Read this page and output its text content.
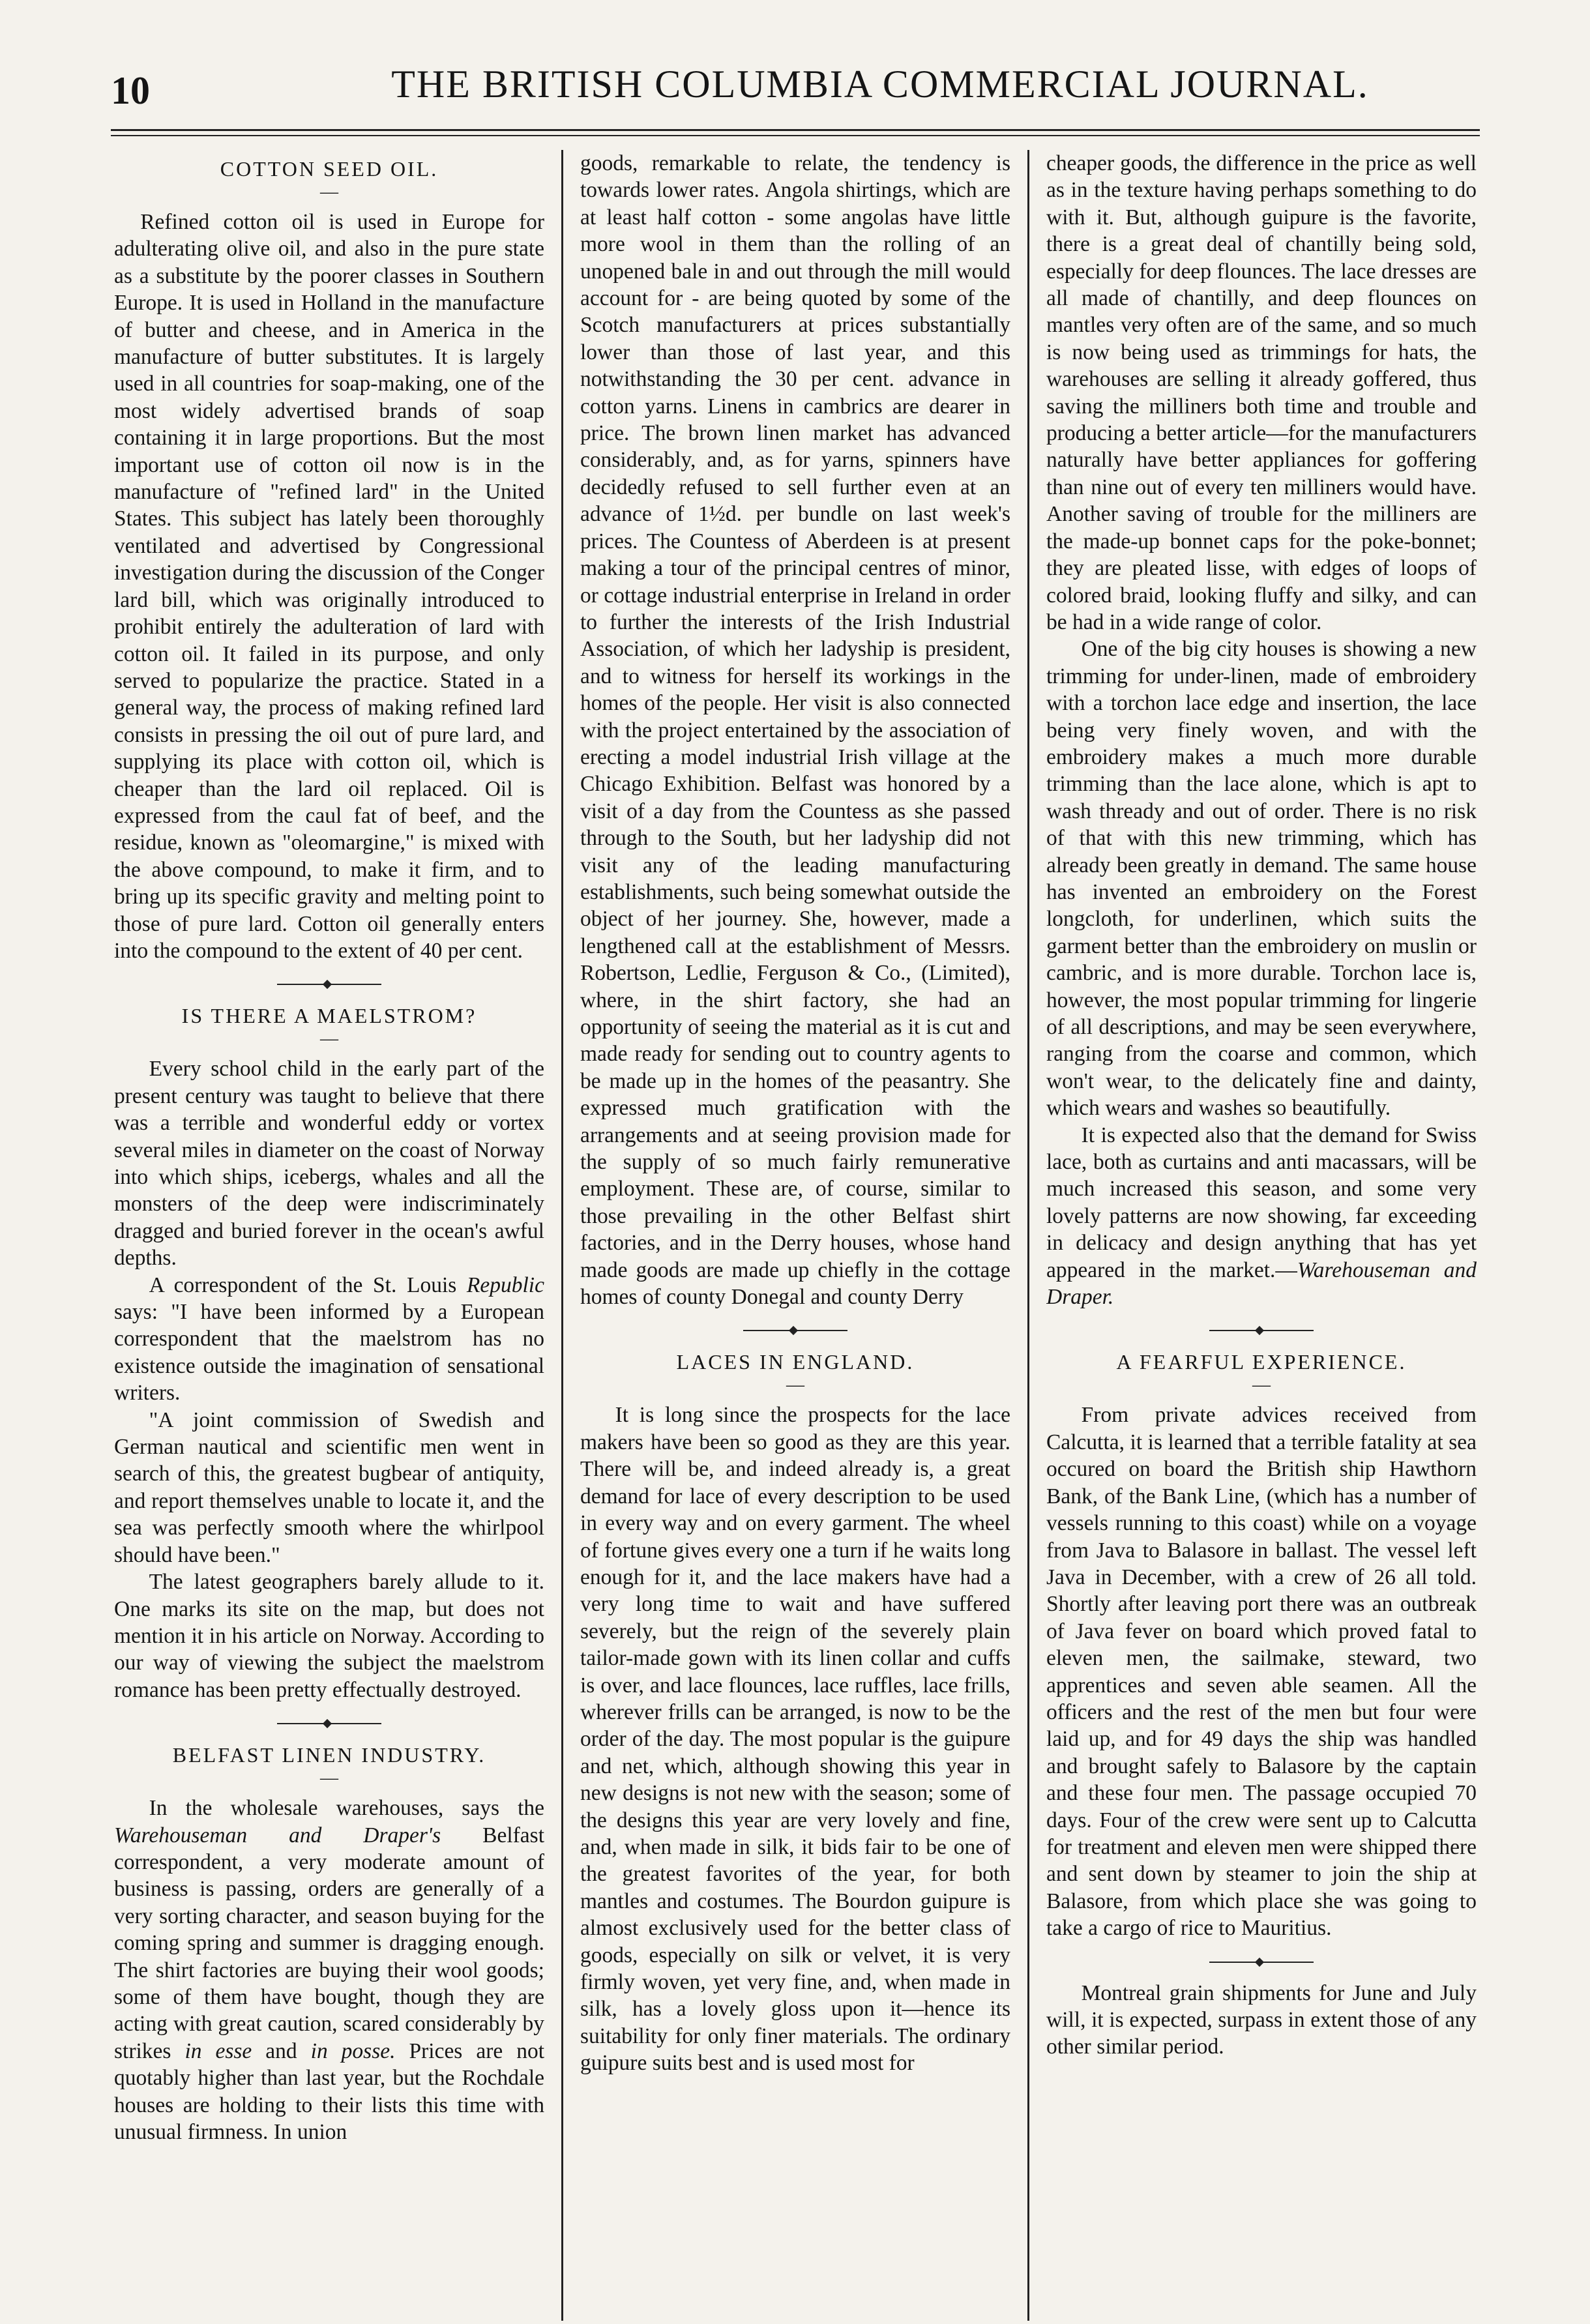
10	THE BRITISH COLUMBIA COMMERCIAL JOURNAL.
COTTON SEED OIL.
—

Refined cotton oil is used in Europe for adulterating olive oil, and also in the pure state as a substitute by the poorer classes in Southern Europe. It is used in Holland in the manufacture of butter and cheese, and in America in the manufacture of butter substitutes. It is largely used in all countries for soap-making, one of the most widely advertised brands of soap containing it in large proportions. But the most important use of cotton oil now is in the manufacture of "refined lard" in the United States. This subject has lately been thoroughly ventilated and advertised by Congressional investigation during the discussion of the Conger lard bill, which was originally introduced to prohibit entirely the adulteration of lard with cotton oil. It failed in its purpose, and only served to popularize the practice. Stated in a general way, the process of making refined lard consists in pressing the oil out of pure lard, and supplying its place with cotton oil, which is cheaper than the lard oil replaced. Oil is expressed from the caul fat of beef, and the residue, known as "oleomargine," is mixed with the above compound, to make it firm, and to bring up its specific gravity and melting point to those of pure lard. Cotton oil generally enters into the compound to the extent of 40 per cent.

IS THERE A MAELSTROM?
—

Every school child in the early part of the present century was taught to believe that there was a terrible and wonderful eddy or vortex several miles in diameter on the coast of Norway into which ships, icebergs, whales and all the monsters of the deep were indiscriminately dragged and buried forever in the ocean's awful depths.

A correspondent of the St. Louis Republic says: "I have been informed by a European correspondent that the maelstrom has no existence outside the imagination of sensational writers.

"A joint commission of Swedish and German nautical and scientific men went in search of this, the greatest bugbear of antiquity, and report themselves unable to locate it, and the sea was perfectly smooth where the whirlpool should have been."

The latest geographers barely allude to it. One marks its site on the map, but does not mention it in his article on Norway. According to our way of viewing the subject the maelstrom romance has been pretty effectually destroyed.

BELFAST LINEN INDUSTRY.
—

In the wholesale warehouses, says the Warehouseman and Draper's Belfast correspondent, a very moderate amount of business is passing, orders are generally of a very sorting character, and season buying for the coming spring and summer is dragging enough. The shirt factories are buying their wool goods; some of them have bought, though they are acting with great caution, scared considerably by strikes in esse and in posse. Prices are not quotably higher than last year, but the Rochdale houses are holding to their lists this time with unusual firmness. In union

goods, remarkable to relate, the tendency is towards lower rates. Angola shirtings, which are at least half cotton - some angolas have little more wool in them than the rolling of an unopened bale in and out through the mill would account for - are being quoted by some of the Scotch manufacturers at prices substantially lower than those of last year, and this notwithstanding the 30 per cent. advance in cotton yarns. Linens in cambrics are dearer in price. The brown linen market has advanced considerably, and, as for yarns, spinners have decidedly refused to sell further even at an advance of 1½d. per bundle on last week's prices. The Countess of Aberdeen is at present making a tour of the principal centres of minor, or cottage industrial enterprise in Ireland in order to further the interests of the Irish Industrial Association, of which her ladyship is president, and to witness for herself its workings in the homes of the people. Her visit is also connected with the project entertained by the association of erecting a model industrial Irish village at the Chicago Exhibition. Belfast was honored by a visit of a day from the Countess as she passed through to the South, but her ladyship did not visit any of the leading manufacturing establishments, such being somewhat outside the object of her journey. She, however, made a lengthened call at the establishment of Messrs. Robertson, Ledlie, Ferguson & Co., (Limited), where, in the shirt factory, she had an opportunity of seeing the material as it is cut and made ready for sending out to country agents to be made up in the homes of the peasantry. She expressed much gratification with the arrangements and at seeing provision made for the supply of so much fairly remunerative employment. These are, of course, similar to those prevailing in the other Belfast shirt factories, and in the Derry houses, whose hand made goods are made up chiefly in the cottage homes of county Donegal and county Derry

LACES IN ENGLAND.
—

It is long since the prospects for the lace makers have been so good as they are this year. There will be, and indeed already is, a great demand for lace of every description to be used in every way and on every garment. The wheel of fortune gives every one a turn if he waits long enough for it, and the lace makers have had a very long time to wait and have suffered severely, but the reign of the severely plain tailor-made gown with its linen collar and cuffs is over, and lace flounces, lace ruffles, lace frills, wherever frills can be arranged, is now to be the order of the day. The most popular is the guipure and net, which, although showing this year in new designs is not new with the season; some of the designs this year are very lovely and fine, and, when made in silk, it bids fair to be one of the greatest favorites of the year, for both mantles and costumes. The Bourdon guipure is almost exclusively used for the better class of goods, especially on silk or velvet, it is very firmly woven, yet very fine, and, when made in silk, has a lovely gloss upon it—hence its suitability for only finer materials. The ordinary guipure suits best and is used most for

cheaper goods, the difference in the price as well as in the texture having perhaps something to do with it. But, although guipure is the favorite, there is a great deal of chantilly being sold, especially for deep flounces. The lace dresses are all made of chantilly, and deep flounces on mantles very often are of the same, and so much is now being used as trimmings for hats, the warehouses are selling it already goffered, thus saving the milliners both time and trouble and producing a better article—for the manufacturers naturally have better appliances for goffering than nine out of every ten milliners would have. Another saving of trouble for the milliners are the made-up bonnet caps for the poke-bonnet; they are pleated lisse, with edges of loops of colored braid, looking fluffy and silky, and can be had in a wide range of color.

One of the big city houses is showing a new trimming for under-linen, made of embroidery with a torchon lace edge and insertion, the lace being very finely woven, and with the embroidery makes a much more durable trimming than the lace alone, which is apt to wash thready and out of order. There is no risk of that with this new trimming, which has already been greatly in demand. The same house has invented an embroidery on the Forest longcloth, for underlinen, which suits the garment better than the embroidery on muslin or cambric, and is more durable. Torchon lace is, however, the most popular trimming for lingerie of all descriptions, and may be seen everywhere, ranging from the coarse and common, which won't wear, to the delicately fine and dainty, which wears and washes so beautifully.

It is expected also that the demand for Swiss lace, both as curtains and anti macassars, will be much increased this season, and some very lovely patterns are now showing, far exceeding in delicacy and design anything that has yet appeared in the market.—Warehouseman and Draper.

A FEARFUL EXPERIENCE.
—

From private advices received from Calcutta, it is learned that a terrible fatality at sea occured on board the British ship Hawthorn Bank, of the Bank Line, (which has a number of vessels running to this coast) while on a voyage from Java to Balasore in ballast. The vessel left Java in December, with a crew of 26 all told. Shortly after leaving port there was an outbreak of Java fever on board which proved fatal to eleven men, the sailmake, steward, two apprentices and seven able seamen. All the officers and the rest of the men but four were laid up, and for 49 days the ship was handled and brought safely to Balasore by the captain and these four men. The passage occupied 70 days. Four of the crew were sent up to Calcutta for treatment and eleven men were shipped there and sent down by steamer to join the ship at Balasore, from which place she was going to take a cargo of rice to Mauritius.

Montreal grain shipments for June and July will, it is expected, surpass in extent those of any other similar period.
